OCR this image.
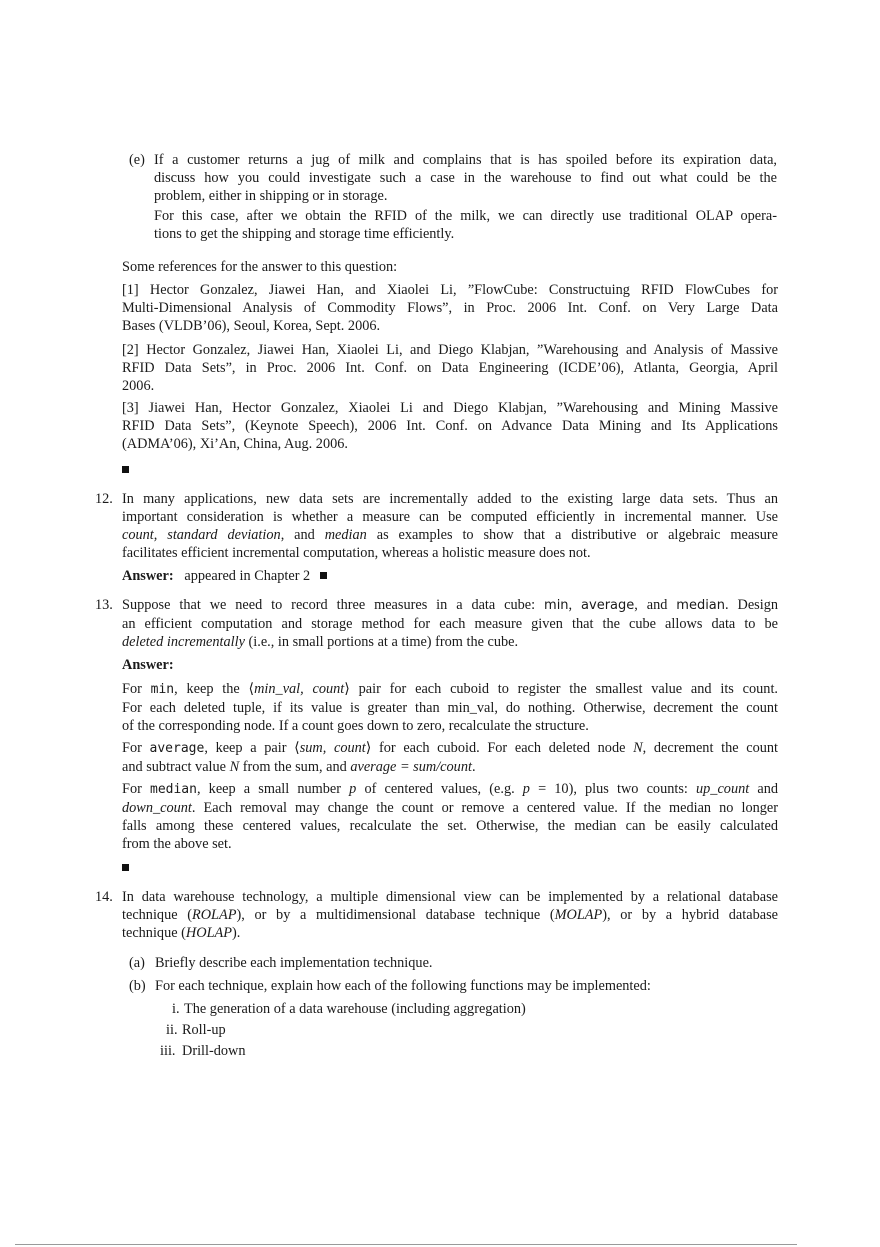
(e) If a customer returns a jug of milk and complains that is has spoiled before its expiration data,
discuss how you could investigate such a case in the warehouse to find out what could be the
problem, either in shipping or in storage.
For this case, after we obtain the RFID of the milk, we can directly use traditional OLAP opera-
tions to get the shipping and storage time efficiently.
Some references for the answer to this question:
[1] Hector Gonzalez, Jiawei Han, and Xiaolei Li, ”FlowCube: Constructuing RFID FlowCubes for
Multi-Dimensional Analysis of Commodity Flows”, in Proc. 2006 Int. Conf. on Very Large Data
Bases (VLDB’06), Seoul, Korea, Sept. 2006.
[2] Hector Gonzalez, Jiawei Han, Xiaolei Li, and Diego Klabjan, ”Warehousing and Analysis of Massive
RFID Data Sets”, in Proc. 2006 Int. Conf. on Data Engineering (ICDE’06), Atlanta, Georgia, April
2006.
[3] Jiawei Han, Hector Gonzalez, Xiaolei Li and Diego Klabjan, ”Warehousing and Mining Massive
RFID Data Sets”, (Keynote Speech), 2006 Int. Conf. on Advance Data Mining and Its Applications
(ADMA’06), Xi’An, China, Aug. 2006.
12. In many applications, new data sets are incrementally added to the existing large data sets. Thus an
important consideration is whether a measure can be computed efficiently in incremental manner. Use
count, standard deviation, and median as examples to show that a distributive or algebraic measure
facilitates efficient incremental computation, whereas a holistic measure does not.
Answer: appeared in Chapter 2
13. Suppose that we need to record three measures in a data cube: min, average, and median. Design
an efficient computation and storage method for each measure given that the cube allows data to be
deleted incrementally (i.e., in small portions at a time) from the cube.
Answer:
For min, keep the ⟨min_val, count⟩ pair for each cuboid to register the smallest value and its count.
For each deleted tuple, if its value is greater than min_val, do nothing. Otherwise, decrement the count
of the corresponding node. If a count goes down to zero, recalculate the structure.
For average, keep a pair ⟨sum, count⟩ for each cuboid. For each deleted node N, decrement the count
and subtract value N from the sum, and average = sum/count.
For median, keep a small number p of centered values, (e.g. p = 10), plus two counts: up_count and
down_count. Each removal may change the count or remove a centered value. If the median no longer
falls among these centered values, recalculate the set. Otherwise, the median can be easily calculated
from the above set.
14. In data warehouse technology, a multiple dimensional view can be implemented by a relational database
technique (ROLAP), or by a multidimensional database technique (MOLAP), or by a hybrid database
technique (HOLAP).
(a) Briefly describe each implementation technique.
(b) For each technique, explain how each of the following functions may be implemented:
i. The generation of a data warehouse (including aggregation)
ii. Roll-up
iii. Drill-down
